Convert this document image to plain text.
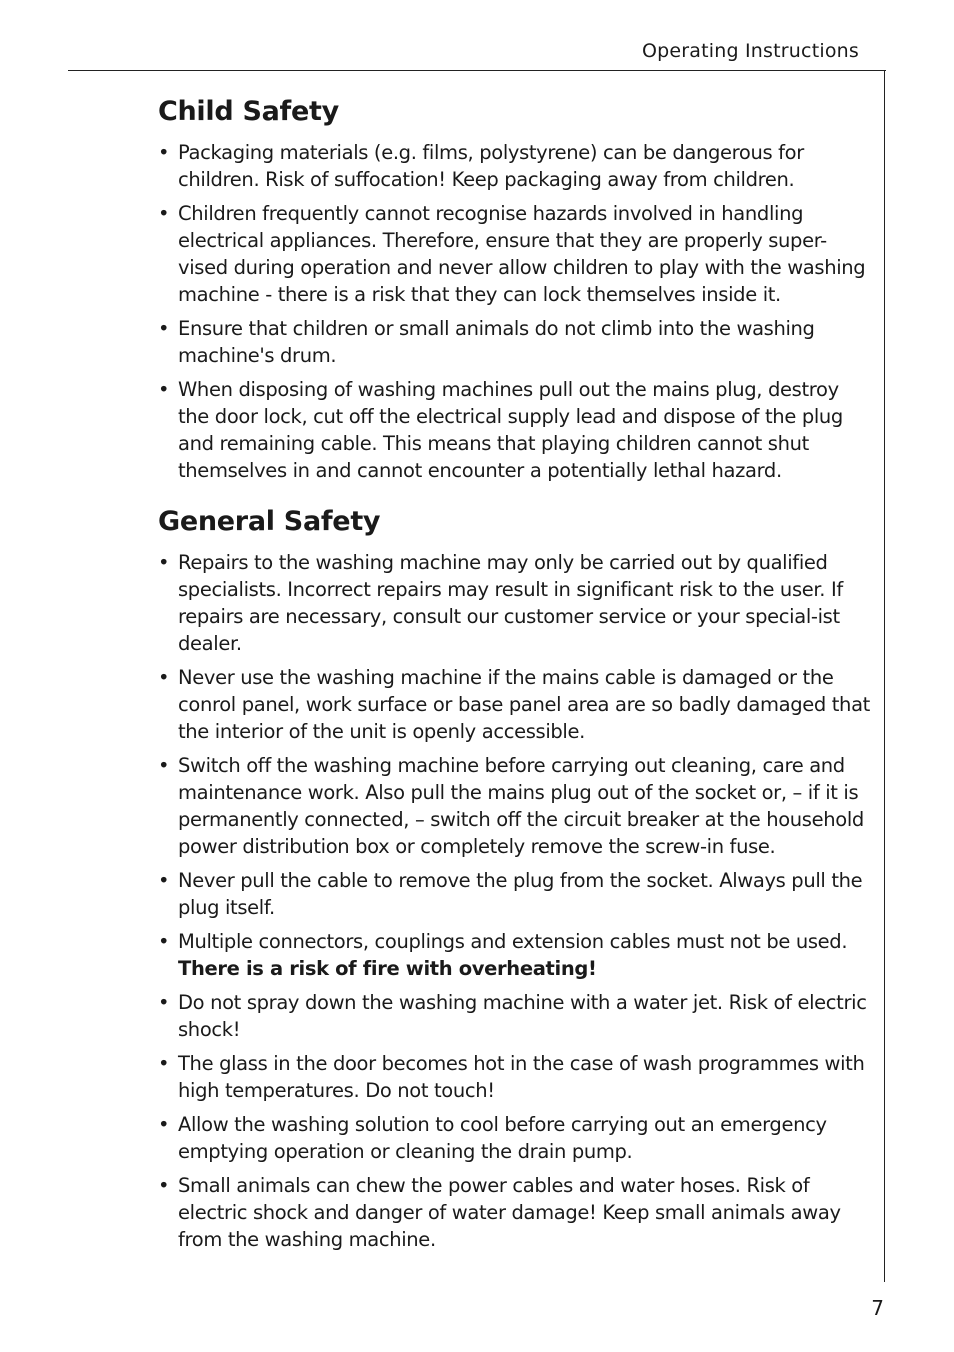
Operating Instructions
Child Safety
• Packaging materials (e.g. films, polystyrene) can be dangerous for children. Risk of suffocation! Keep packaging away from children.
• Children frequently cannot recognise hazards involved in handling electrical appliances. Therefore, ensure that they are properly super-vised during operation and never allow children to play with the washing machine - there is a risk that they can lock themselves inside it.
• Ensure that children or small animals do not climb into the washing machine's drum.
• When disposing of washing machines pull out the mains plug, destroy the door lock, cut off the electrical supply lead and dispose of the plug and remaining cable. This means that playing children cannot shut themselves in and cannot encounter a potentially lethal hazard.
General Safety
• Repairs to the washing machine may only be carried out by qualified specialists. Incorrect repairs may result in significant risk to the user. If repairs are necessary, consult our customer service or your special-ist dealer.
• Never use the washing machine if the mains cable is damaged or the conrol panel, work surface or base panel area are so badly damaged that the interior of the unit is openly accessible.
• Switch off the washing machine before carrying out cleaning, care and maintenance work. Also pull the mains plug out of the socket or, – if it is permanently connected, – switch off the circuit breaker at the household power distribution box or completely remove the screw-in fuse.
• Never pull the cable to remove the plug from the socket. Always pull the plug itself.
• Multiple connectors, couplings and extension cables must not be used. There is a risk of fire with overheating!
• Do not spray down the washing machine with a water jet. Risk of electric shock!
• The glass in the door becomes hot in the case of wash programmes with high temperatures. Do not touch!
• Allow the washing solution to cool before carrying out an emergency emptying operation or cleaning the drain pump.
• Small animals can chew the power cables and water hoses. Risk of electric shock and danger of water damage! Keep small animals away from the washing machine.
7
